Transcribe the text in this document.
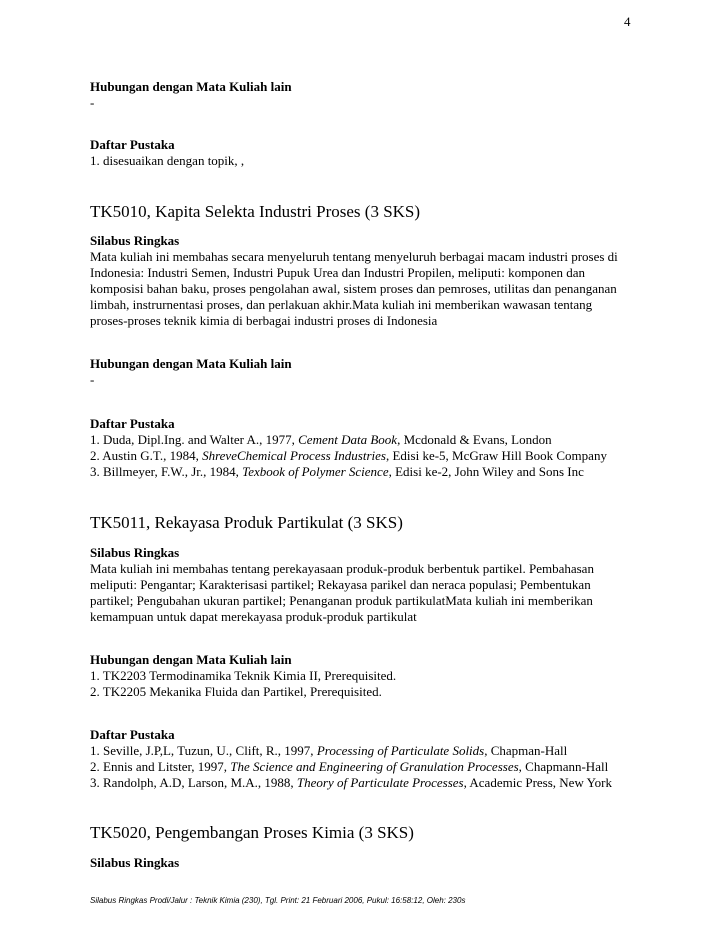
4
Hubungan dengan Mata Kuliah lain
-
Daftar Pustaka
1. disesuaikan dengan topik, ,
TK5010, Kapita Selekta Industri Proses (3 SKS)
Silabus Ringkas
Mata kuliah ini membahas secara menyeluruh tentang menyeluruh berbagai macam industri proses di
Indonesia: Industri Semen, Industri Pupuk Urea dan Industri Propilen, meliputi: komponen dan
komposisi bahan baku, proses pengolahan awal, sistem proses dan pemroses, utilitas dan penanganan
limbah, instrurnentasi proses, dan perlakuan akhir.Mata kuliah ini memberikan wawasan tentang
proses-proses teknik kimia di berbagai industri proses di Indonesia
Hubungan dengan Mata Kuliah lain
-
Daftar Pustaka
1. Duda, Dipl.Ing. and Walter A., 1977, Cement Data Book, Mcdonald & Evans, London
2. Austin G.T., 1984, ShreveChemical Process Industries, Edisi ke-5, McGraw Hill Book Company
3. Billmeyer, F.W., Jr., 1984, Texbook of Polymer Science, Edisi ke-2, John Wiley and Sons Inc
TK5011, Rekayasa Produk Partikulat (3 SKS)
Silabus Ringkas
Mata kuliah ini membahas tentang perekayasaan produk-produk berbentuk partikel. Pembahasan
meliputi: Pengantar; Karakterisasi partikel; Rekayasa parikel dan neraca populasi; Pembentukan
partikel; Pengubahan ukuran partikel; Penanganan produk partikulatMata kuliah ini memberikan
kemampuan untuk dapat merekayasa produk-produk partikulat
Hubungan dengan Mata Kuliah lain
1. TK2203 Termodinamika Teknik Kimia II, Prerequisited.
2. TK2205 Mekanika Fluida dan Partikel, Prerequisited.
Daftar Pustaka
1. Seville, J.P,L, Tuzun, U., Clift, R., 1997, Processing of Particulate Solids, Chapman-Hall
2. Ennis and Litster, 1997, The Science and Engineering of Granulation Processes, Chapmann-Hall
3. Randolph, A.D, Larson, M.A., 1988, Theory of Particulate Processes, Academic Press, New York
TK5020, Pengembangan Proses Kimia (3 SKS)
Silabus Ringkas
Silabus Ringkas Prodi/Jalur : Teknik Kimia (230), Tgl. Print: 21 Februari 2006, Pukul: 16:58:12, Oleh: 230s
